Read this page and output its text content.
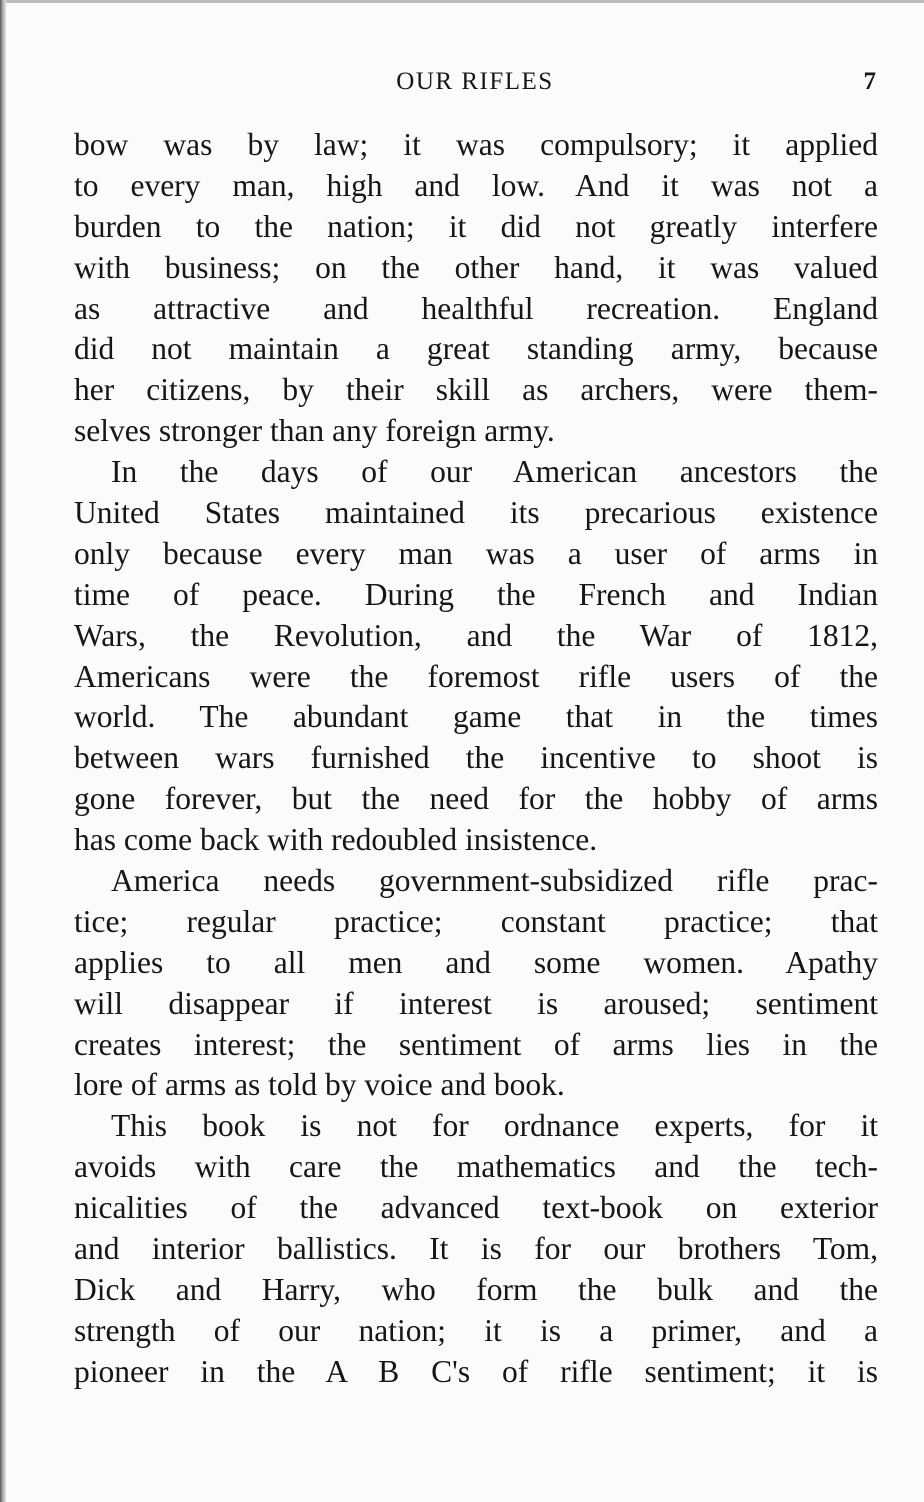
OUR RIFLES	7
bow was by law; it was compulsory; it applied
to every man, high and low. And it was not a
burden to the nation; it did not greatly interfere
with business; on the other hand, it was valued
as attractive and healthful recreation. England
did not maintain a great standing army, because
her citizens, by their skill as archers, were them-
selves stronger than any foreign army.
In the days of our American ancestors the
United States maintained its precarious existence
only because every man was a user of arms in
time of peace. During the French and Indian
Wars, the Revolution, and the War of 1812,
Americans were the foremost rifle users of the
world. The abundant game that in the times
between wars furnished the incentive to shoot is
gone forever, but the need for the hobby of arms
has come back with redoubled insistence.
America needs government-subsidized rifle prac-
tice; regular practice; constant practice; that
applies to all men and some women. Apathy
will disappear if interest is aroused; sentiment
creates interest; the sentiment of arms lies in the
lore of arms as told by voice and book.
This book is not for ordnance experts, for it
avoids with care the mathematics and the tech-
nicalities of the advanced text-book on exterior
and interior ballistics. It is for our brothers Tom,
Dick and Harry, who form the bulk and the
strength of our nation; it is a primer, and a
pioneer in the A B C's of rifle sentiment; it is
